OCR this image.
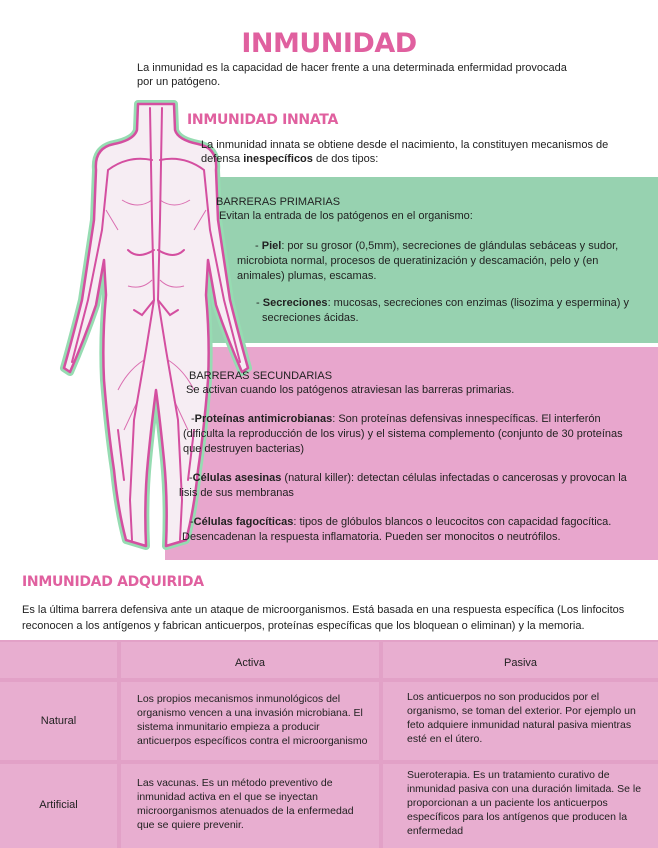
INMUNIDAD
La inmunidad es la capacidad de hacer frente a una determinada enfermidad provocada por un patógeno.
INMUNIDAD INNATA
La inmunidad innata se obtiene desde el nacimiento, la constituyen mecanismos de defensa inespecíficos de dos tipos:
BARRERAS PRIMARIAS
Evitan la entrada de los patógenos en el organismo:
- Piel: por su grosor (0,5mm), secreciones de glándulas sebáceas y sudor, microbiota normal, procesos de queratinización y descamación, pelo y (en animales) plumas, escamas.
- Secreciones: mucosas, secreciones con enzimas (lisozima y espermina) y secreciones ácidas.
BARRERAS SECUNDARIAS
Se activan cuando los patógenos atraviesan las barreras primarias.
-Proteínas antimicrobianas: Son proteínas defensivas innespecíficas. El interferón (dificulta la reproducción de los virus) y el sistema complemento (conjunto de 30 proteínas que destruyen bacterias)
-Células asesinas (natural killer): detectan células infectadas o cancerosas y provocan la lisis de sus membranas
-Células fagocíticas: tipos de glóbulos blancos o leucocitos con capacidad fagocítica. Desencadenan la respuesta inflamatoria. Pueden ser monocitos o neutrófilos.
INMUNIDAD ADQUIRIDA
Es la última barrera defensiva ante un ataque de microorganismos. Está basada en una respuesta específica (Los linfocitos reconocen a los antígenos y fabrican anticuerpos, proteínas específicas que los bloquean o eliminan) y la memoria.
Activa	Pasiva
Natural
Los propios mecanismos inmunológicos del organismo vencen a una invasión microbiana. El sistema inmunitario empieza a producir anticuerpos específicos contra el microorganismo
Los anticuerpos no son producidos por el organismo, se toman del exterior. Por ejemplo un feto adquiere inmunidad natural pasiva mientras esté en el útero.
Artificial
Las vacunas. Es un método preventivo de inmunidad activa en el que se inyectan microorganismos atenuados de la enfermedad que se quiere prevenir.
Sueroterapia. Es un tratamiento curativo de inmunidad pasiva con una duración limitada. Se le proporcionan a un paciente los anticuerpos específicos para los antígenos que producen la enfermedad
